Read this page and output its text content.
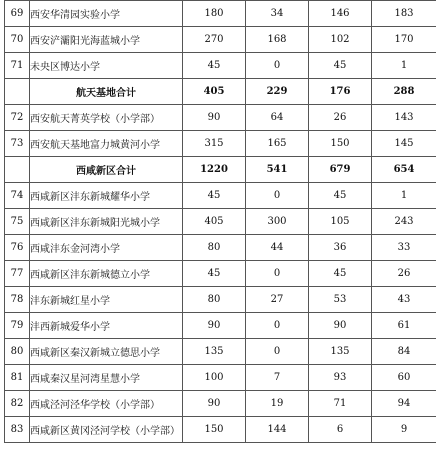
69	西安华清园实验小学	180	34	146	183
70	西安浐灞阳光海蓝城小学	270	168	102	170
71	未央区博达小学	45	0	45	1
	航天基地合计	405	229	176	288
72	西安航天菁英学校（小学部）	90	64	26	143
73	西安航天基地富力城黄河小学	315	165	150	145
	西咸新区合计	1220	541	679	654
74	西咸新区沣东新城耀华小学	45	0	45	1
75	西咸新区沣东新城阳光城小学	405	300	105	243
76	西咸沣东金河湾小学	80	44	36	33
77	西咸新区沣东新城德立小学	45	0	45	26
78	沣东新城红星小学	80	27	53	43
79	沣西新城爱华小学	90	0	90	61
80	西咸新区秦汉新城立德思小学	135	0	135	84
81	西咸秦汉星河湾星慧小学	100	7	93	60
82	西咸泾河泾华学校（小学部）	90	19	71	94
83	西咸新区黄冈泾河学校（小学部）	150	144	6	9
